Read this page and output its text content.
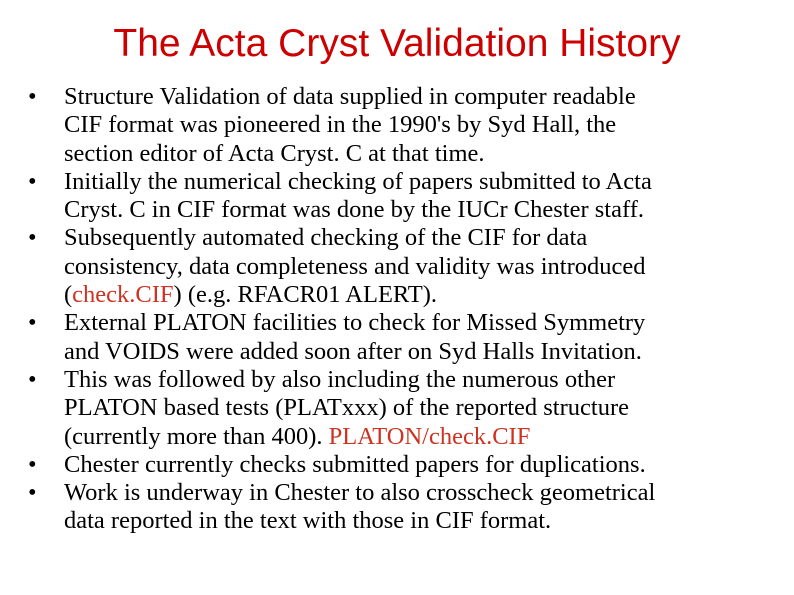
The Acta Cryst Validation History
•	Structure Validation of data supplied in computer readable
CIF format was pioneered in the 1990's by Syd Hall, the
section editor of Acta Cryst. C at that time.
•	Initially the numerical checking of papers submitted to Acta
Cryst. C in CIF format was done by the IUCr Chester staff.
•	Subsequently automated checking of the CIF for data
consistency, data completeness and validity was introduced
(check.CIF) (e.g. RFACR01 ALERT).
•	External PLATON facilities to check for Missed Symmetry
and VOIDS were added soon after on Syd Halls Invitation.
•	This was followed by also including the numerous other
PLATON based tests (PLATxxx) of the reported structure
(currently more than 400). PLATON/check.CIF
•	Chester currently checks submitted papers for duplications.
•	Work is underway in Chester to also crosscheck geometrical
data reported in the text with those in CIF format.
